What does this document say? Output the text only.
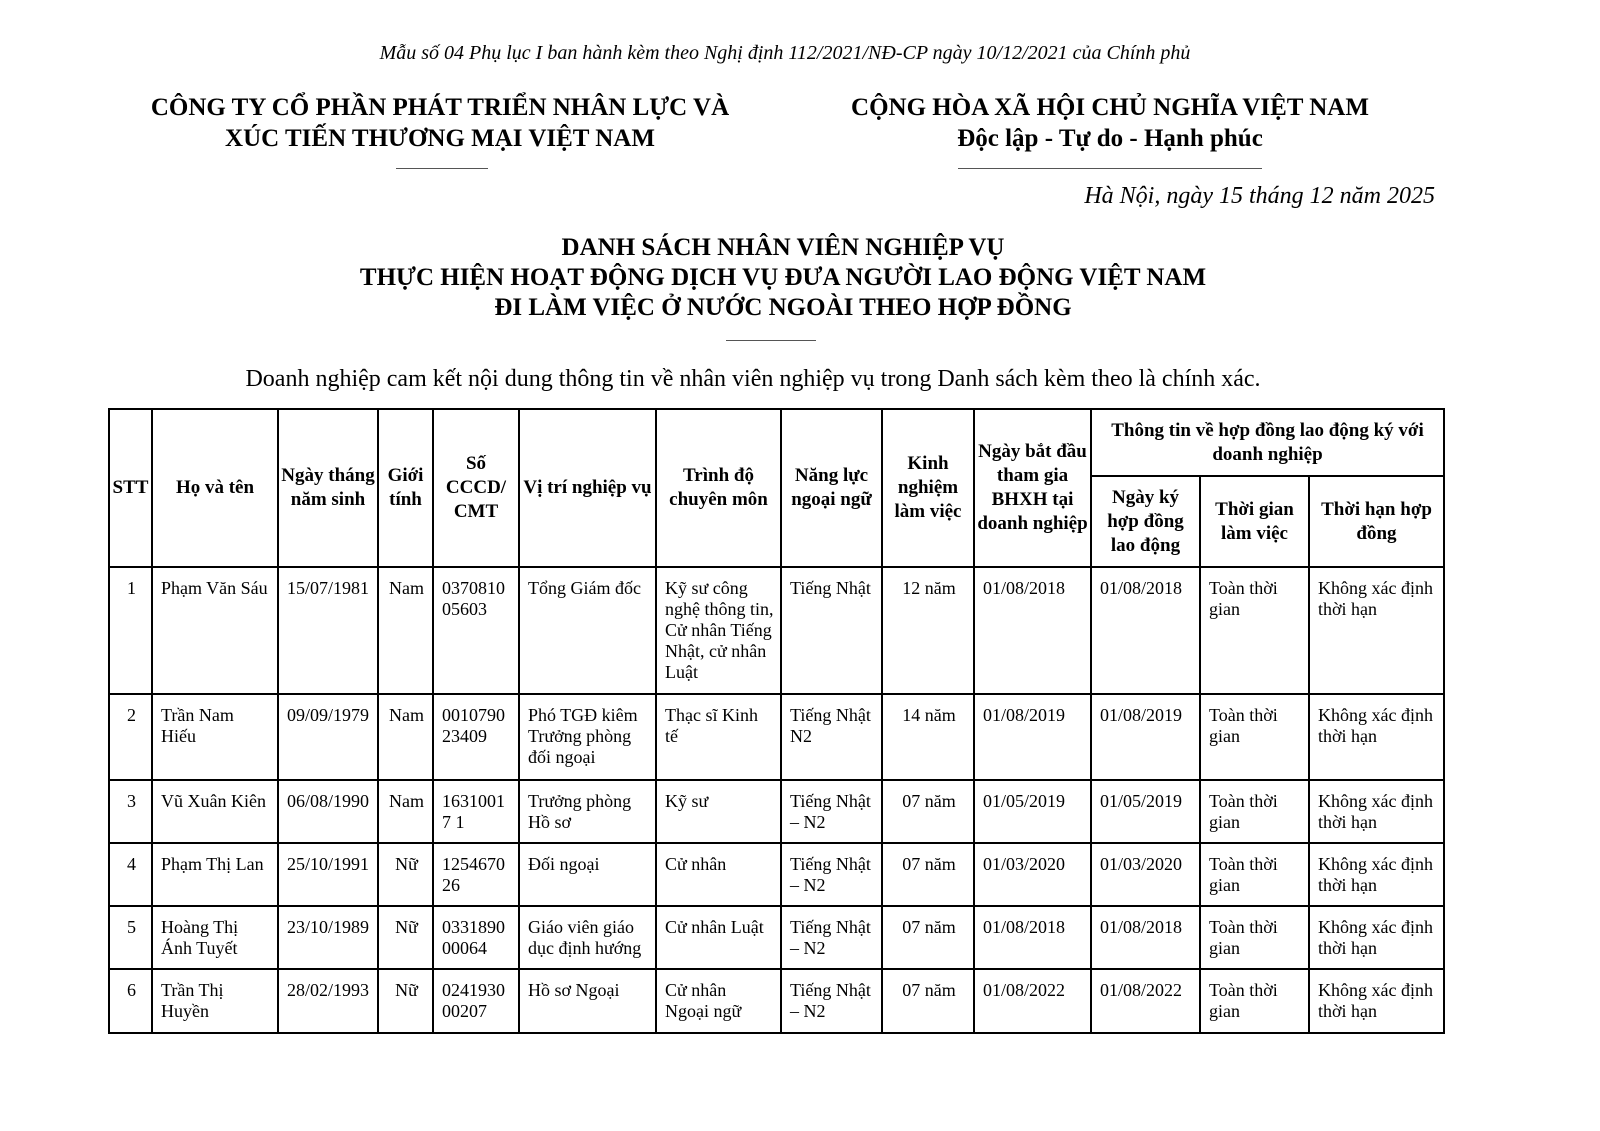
Mẫu số 04 Phụ lục I ban hành kèm theo Nghị định 112/2021/NĐ-CP ngày 10/12/2021 của Chính phủ
CÔNG TY CỔ PHẦN PHÁT TRIỂN NHÂN LỰC VÀ
XÚC TIẾN THƯƠNG MẠI VIỆT NAM
CỘNG HÒA XÃ HỘI CHỦ NGHĨA VIỆT NAM
Độc lập - Tự do - Hạnh phúc
Hà Nội, ngày 15 tháng 12 năm 2025
DANH SÁCH NHÂN VIÊN NGHIỆP VỤ
THỰC HIỆN HOẠT ĐỘNG DỊCH VỤ ĐƯA NGƯỜI LAO ĐỘNG VIỆT NAM
ĐI LÀM VIỆC Ở NƯỚC NGOÀI THEO HỢP ĐỒNG
Doanh nghiệp cam kết nội dung thông tin về nhân viên nghiệp vụ trong Danh sách kèm theo là chính xác.
STT	Họ và tên	Ngày tháng năm sinh	Giới tính	Số CCCD/ CMT	Vị trí nghiệp vụ	Trình độ chuyên môn	Năng lực ngoại ngữ	Kinh nghiệm làm việc	Ngày bắt đầu tham gia BHXH tại doanh nghiệp	Thông tin về hợp đồng lao động ký với doanh nghiệp		
										Ngày ký hợp đồng lao động	Thời gian làm việc	Thời hạn hợp đồng
1	Phạm Văn Sáu	15/07/1981	Nam	037081005603	Tổng Giám đốc	Kỹ sư công nghệ thông tin, Cử nhân Tiếng Nhật, cử nhân Luật	Tiếng Nhật	12 năm	01/08/2018	01/08/2018	Toàn thời gian	Không xác định thời hạn
2	Trần Nam Hiếu	09/09/1979	Nam	001079023409	Phó TGĐ kiêm Trưởng phòng đối ngoại	Thạc sĩ Kinh tế	Tiếng Nhật N2	14 năm	01/08/2019	01/08/2019	Toàn thời gian	Không xác định thời hạn
3	Vũ Xuân Kiên	06/08/1990	Nam	16310017 1	Trưởng phòng Hồ sơ	Kỹ sư	Tiếng Nhật – N2	07 năm	01/05/2019	01/05/2019	Toàn thời gian	Không xác định thời hạn
4	Phạm Thị Lan	25/10/1991	Nữ	1254670 26	Đối ngoại	Cử nhân	Tiếng Nhật – N2	07 năm	01/03/2020	01/03/2020	Toàn thời gian	Không xác định thời hạn
5	Hoàng Thị Ánh Tuyết	23/10/1989	Nữ	033189000064	Giáo viên giáo dục định hướng	Cử nhân Luật	Tiếng Nhật – N2	07 năm	01/08/2018	01/08/2018	Toàn thời gian	Không xác định thời hạn
6	Trần Thị Huyền	28/02/1993	Nữ	024193000207	Hồ sơ Ngoại	Cử nhân Ngoại ngữ	Tiếng Nhật – N2	07 năm	01/08/2022	01/08/2022	Toàn thời gian	Không xác định thời hạn
